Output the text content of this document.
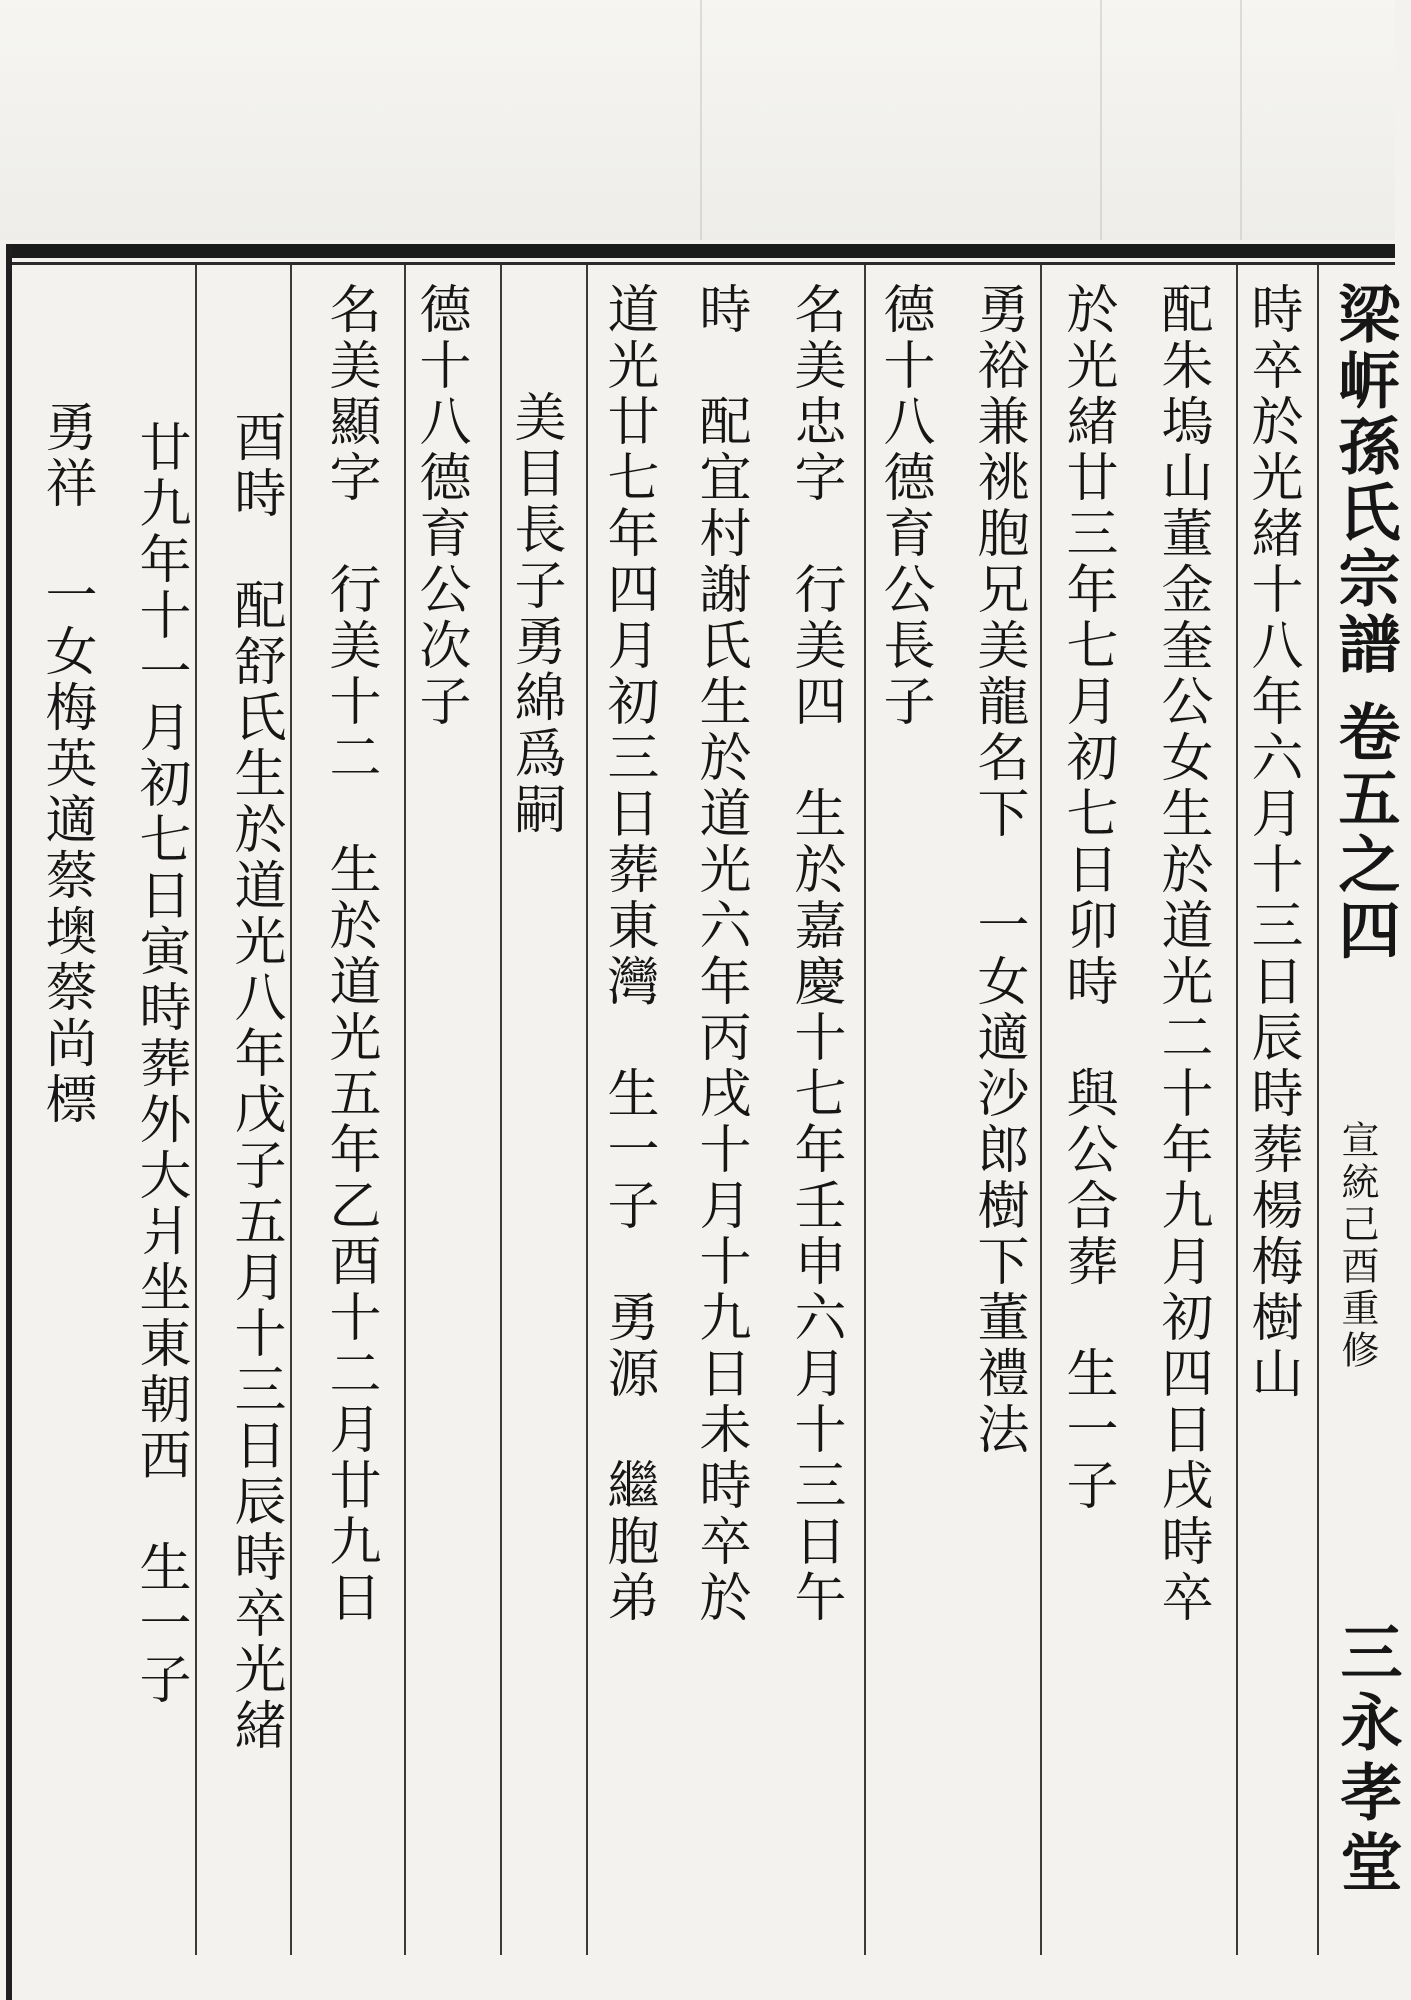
梁㟁孫氏宗譜
卷五之四
宣統己酉重修
三永孝堂
時卒於光緒十八年六月十三日辰時葬楊梅樹山
配朱塢山董金奎公女生於道光二十年九月初四日戌時卒
於光緒廿三年七月初七日卯時　與公合葬　生一子
勇裕兼祧胞兄美龍名下　一女適沙郎樹下董禮法
德十八德育公長子
名美忠字　行美四　生於嘉慶十七年壬申六月十三日午
時　配宜村謝氏生於道光六年丙戌十月十九日未時卒於
道光廿七年四月初三日葬東灣　生一子　勇源　繼胞弟
美目長子勇綿爲嗣
德十八德育公次子
名美顯字　行美十二　生於道光五年乙酉十二月廿九日
酉時　配舒氏生於道光八年戊子五月十三日辰時卒光緒
廿九年十一月初七日寅時葬外大爿坐東朝西　生一子
勇祥　一女梅英適蔡墺蔡尚標
